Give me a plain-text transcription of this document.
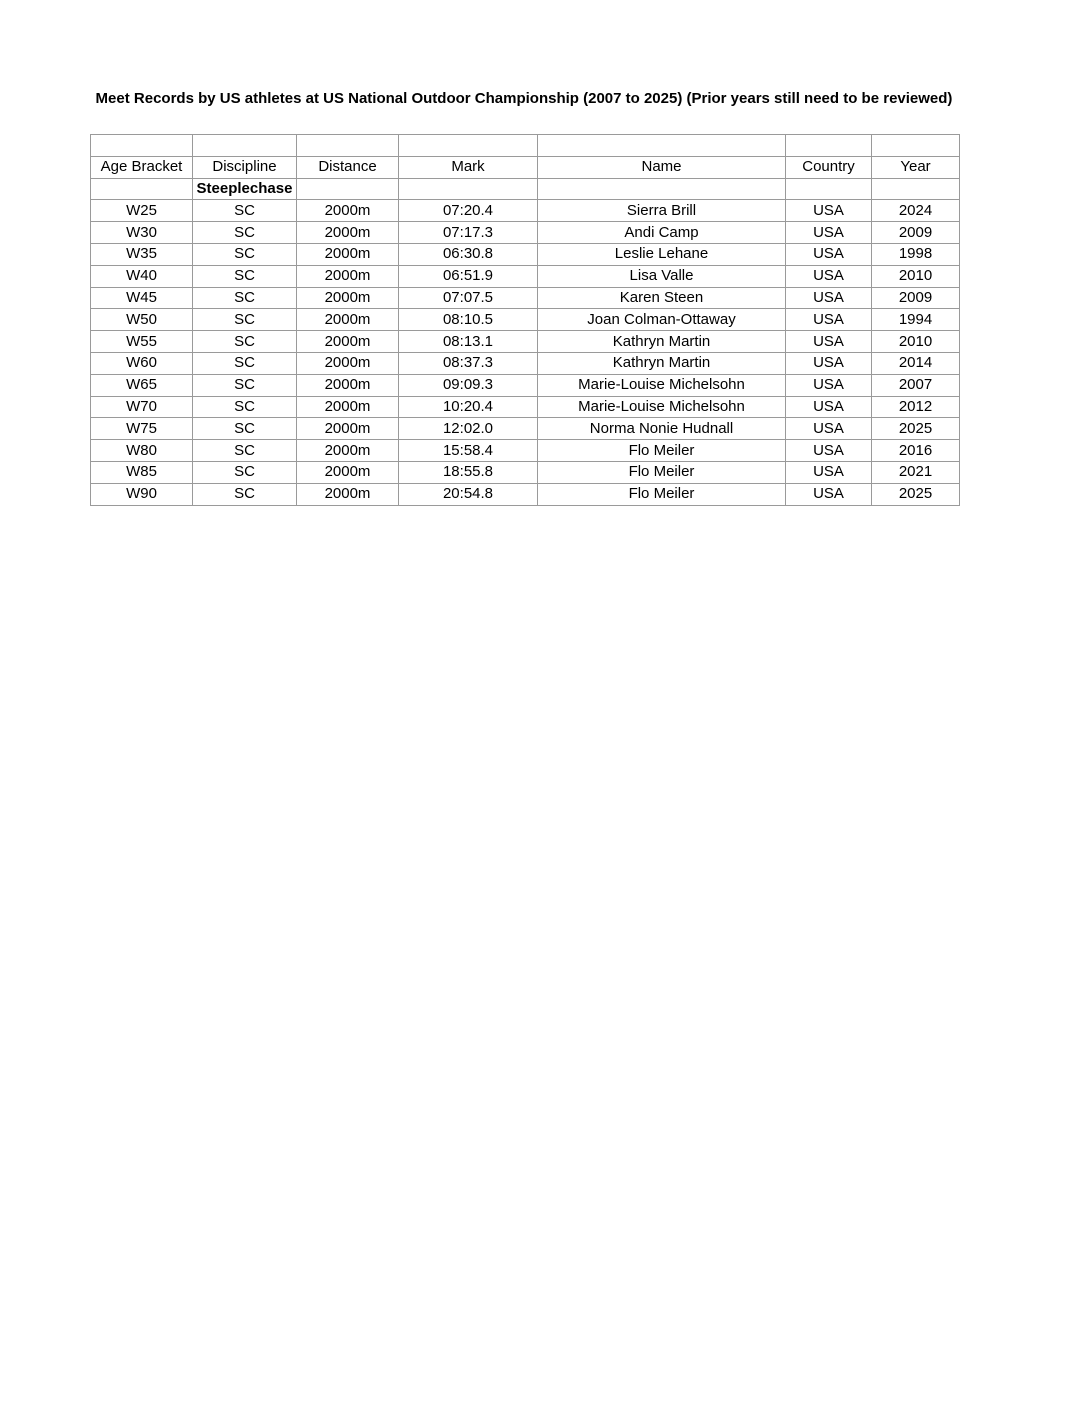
Meet Records by US athletes at US National Outdoor Championship (2007 to 2025) (Prior years still need to be reviewed)

Age Bracket	Discipline	Distance	Mark	Name	Country	Year
	Steeplechase					
W25	SC	2000m	07:20.4	Sierra Brill	USA	2024
W30	SC	2000m	07:17.3	Andi Camp	USA	2009
W35	SC	2000m	06:30.8	Leslie Lehane	USA	1998
W40	SC	2000m	06:51.9	Lisa Valle	USA	2010
W45	SC	2000m	07:07.5	Karen Steen	USA	2009
W50	SC	2000m	08:10.5	Joan Colman-Ottaway	USA	1994
W55	SC	2000m	08:13.1	Kathryn Martin	USA	2010
W60	SC	2000m	08:37.3	Kathryn Martin	USA	2014
W65	SC	2000m	09:09.3	Marie-Louise Michelsohn	USA	2007
W70	SC	2000m	10:20.4	Marie-Louise Michelsohn	USA	2012
W75	SC	2000m	12:02.0	Norma Nonie Hudnall	USA	2025
W80	SC	2000m	15:58.4	Flo Meiler	USA	2016
W85	SC	2000m	18:55.8	Flo Meiler	USA	2021
W90	SC	2000m	20:54.8	Flo Meiler	USA	2025
